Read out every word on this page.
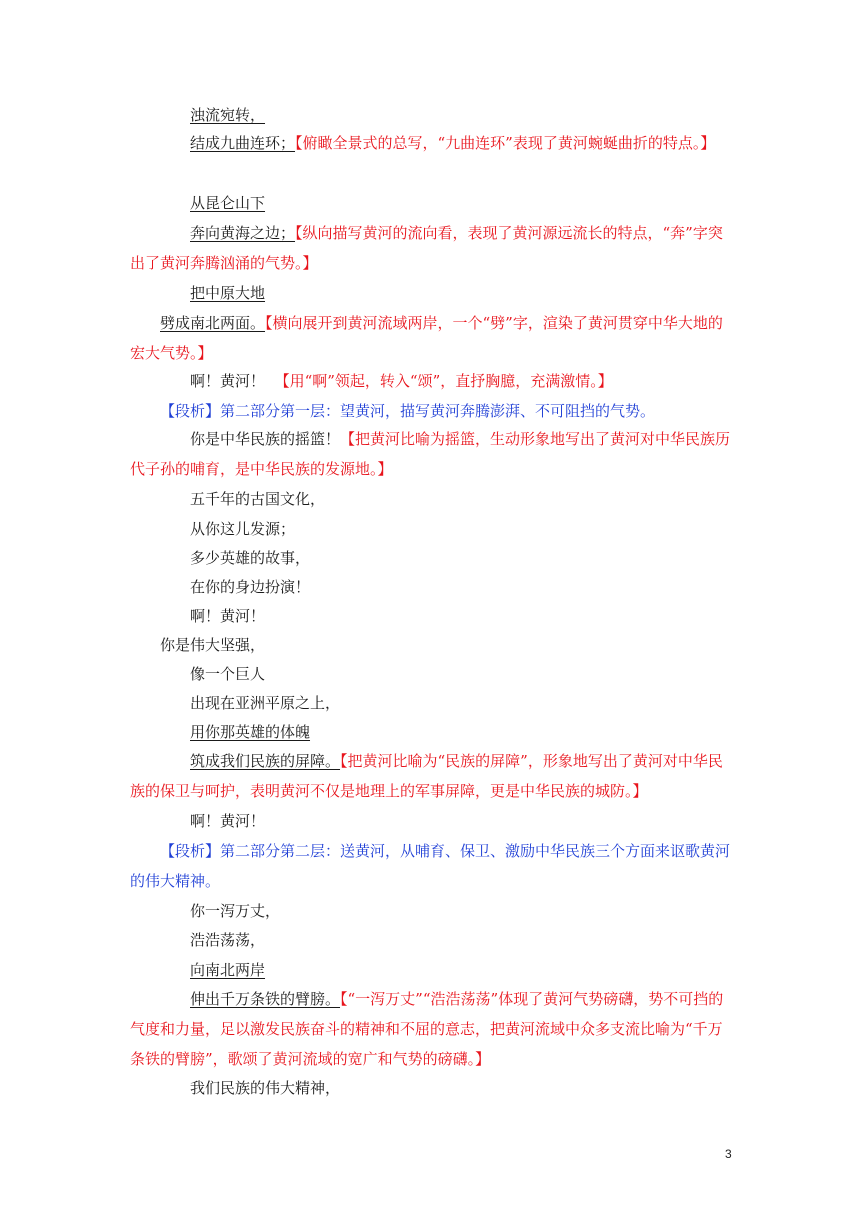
浊流宛转，
结成九曲连环；【俯瞰全景式的总写，“九曲连环”表现了黄河蜿蜒曲折的特点。】
从昆仑山下
奔向黄海之边；【纵向描写黄河的流向看，表现了黄河源远流长的特点，“奔”字突出了黄河奔腾汹涌的气势。】
把中原大地
劈成南北两面。【横向展开到黄河流域两岸，一个“劈”字，渲染了黄河贯穿中华大地的宏大气势。】
啊！黄河！ 【用“啊”领起，转入“颂”，直抒胸臆，充满激情。】
【段析】第二部分第一层：望黄河，描写黄河奔腾澎湃、不可阻挡的气势。
你是中华民族的摇篮！【把黄河比喻为摇篮，生动形象地写出了黄河对中华民族历代子孙的哺育，是中华民族的发源地。】
五千年的古国文化，
从你这儿发源；
多少英雄的故事，
在你的身边扮演！
啊！黄河！
你是伟大坚强，
像一个巨人
出现在亚洲平原之上，
用你那英雄的体魄
筑成我们民族的屏障。【把黄河比喻为“民族的屏障”，形象地写出了黄河对中华民族的保卫与呵护，表明黄河不仅是地理上的军事屏障，更是中华民族的城防。】
啊！黄河！
【段析】第二部分第二层：送黄河，从哺育、保卫、激励中华民族三个方面来讴歌黄河的伟大精神。
你一泻万丈，
浩浩荡荡，
向南北两岸
伸出千万条铁的臂膀。【“一泻万丈”“浩浩荡荡”体现了黄河气势磅礴，势不可挡的气度和力量，足以激发民族奋斗的精神和不屈的意志，把黄河流域中众多支流比喻为“千万条铁的臂膀”，歌颂了黄河流域的宽广和气势的磅礴。】
我们民族的伟大精神，
3
